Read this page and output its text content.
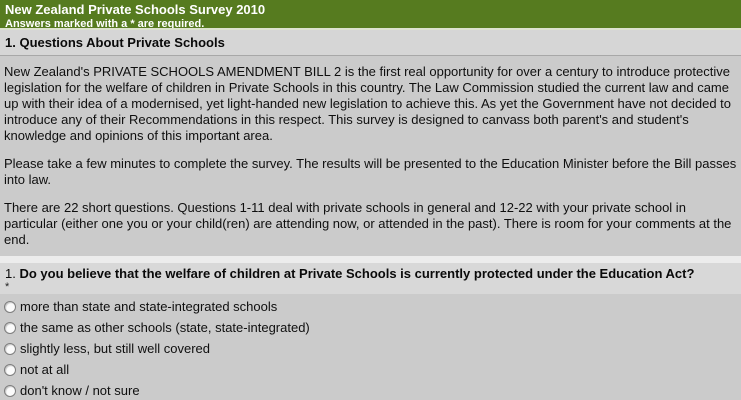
New Zealand Private Schools Survey 2010
Answers marked with a * are required.
1. Questions About Private Schools

New Zealand's PRIVATE SCHOOLS AMENDMENT BILL 2 is the first real opportunity for over a century to introduce protective legislation for the welfare of children in Private Schools in this country. The Law Commission studied the current law and came up with their idea of a modernised, yet light-handed new legislation to achieve this. As yet the Government have not decided to introduce any of their Recommendations in this respect. This survey is designed to canvass both parent's and student's knowledge and opinions of this important area.

Please take a few minutes to complete the survey. The results will be presented to the Education Minister before the Bill passes into law.

There are 22 short questions. Questions 1-11 deal with private schools in general and 12-22 with your private school in particular (either one you or your child(ren) are attending now, or attended in the past). There is room for your comments at the end.

1. Do you believe that the welfare of children at Private Schools is currently protected under the Education Act?
*
more than state and state-integrated schools
the same as other schools (state, state-integrated)
slightly less, but still well covered
not at all
don't know / not sure
